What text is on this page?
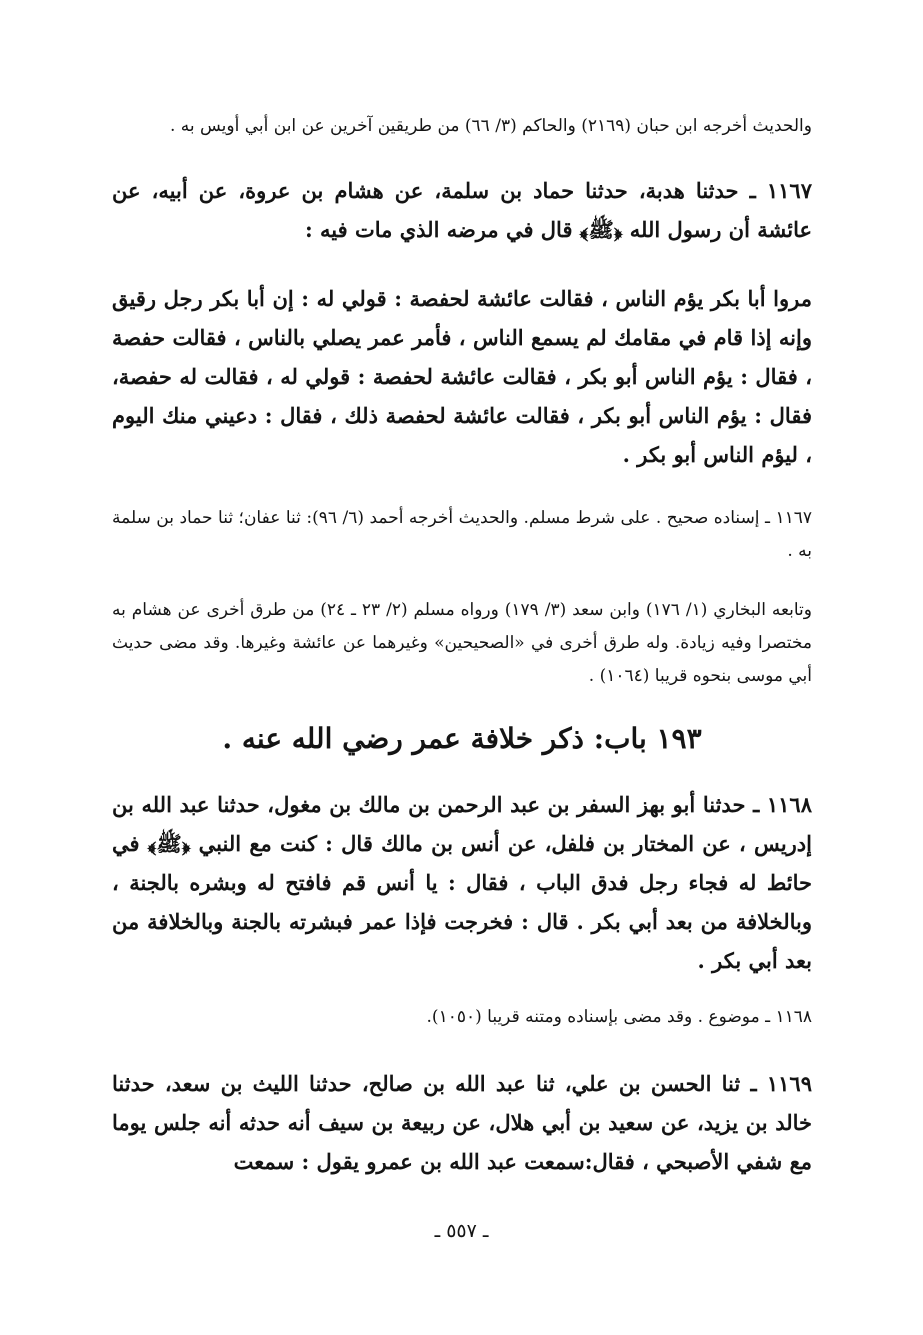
والحديث أخرجه ابن حبان (٢١٦٩) والحاكم (٣/ ٦٦) من طريقين آخرين عن ابن أبي أويس به .

١١٦٧ ـ حدثنا هدبة، حدثنا حماد بن سلمة، عن هشام بن عروة، عن أبيه، عن عائشة أن رسول الله ﴿ﷺ﴾ قال في مرضه الذي مات فيه :

مروا أبا بكر يؤم الناس ، فقالت عائشة لحفصة : قولي له : إن أبا بكر رجل رقيق وإنه إذا قام في مقامك لم يسمع الناس ، فأمر عمر يصلي بالناس ، فقالت حفصة ، فقال : يؤم الناس أبو بكر ، فقالت عائشة لحفصة : قولي له ، فقالت له حفصة، فقال : يؤم الناس أبو بكر ، فقالت عائشة لحفصة ذلك ، فقال : دعيني منك اليوم ، ليؤم الناس أبو بكر .

١١٦٧ ـ إسناده صحيح . على شرط مسلم. والحديث أخرجه أحمد (٦/ ٩٦): ثنا عفان؛ ثنا حماد بن سلمة به .

وتابعه البخاري (١/ ١٧٦) وابن سعد (٣/ ١٧٩) ورواه مسلم (٢/ ٢٣ ـ ٢٤) من طرق أخرى عن هشام به مختصرا وفيه زيادة. وله طرق أخرى في «الصحيحين» وغيرهما عن عائشة وغيرها. وقد مضى حديث أبي موسى بنحوه قريبا (١٠٦٤) .

١٩٣ باب: ذكر خلافة عمر رضي الله عنه .

١١٦٨ ـ حدثنا أبو بهز السفر بن عبد الرحمن بن مالك بن مغول، حدثنا عبد الله بن إدريس ، عن المختار بن فلفل، عن أنس بن مالك قال : كنت مع النبي ﴿ﷺ﴾ في حائط له فجاء رجل فدق الباب ، فقال : يا أنس قم فافتح له وبشره بالجنة ، وبالخلافة من بعد أبي بكر . قال : فخرجت فإذا عمر فبشرته بالجنة وبالخلافة من بعد أبي بكر .

١١٦٨ ـ موضوع . وقد مضى بإسناده ومتنه قريبا (١٠٥٠).

١١٦٩ ـ ثنا الحسن بن علي، ثنا عبد الله بن صالح، حدثنا الليث بن سعد، حدثنا خالد بن يزيد، عن سعيد بن أبي هلال، عن ربيعة بن سيف أنه حدثه أنه جلس يوما مع شفي الأصبحي ، فقال:سمعت عبد الله بن عمرو يقول : سمعت

ـ ٥٥٧ ـ
